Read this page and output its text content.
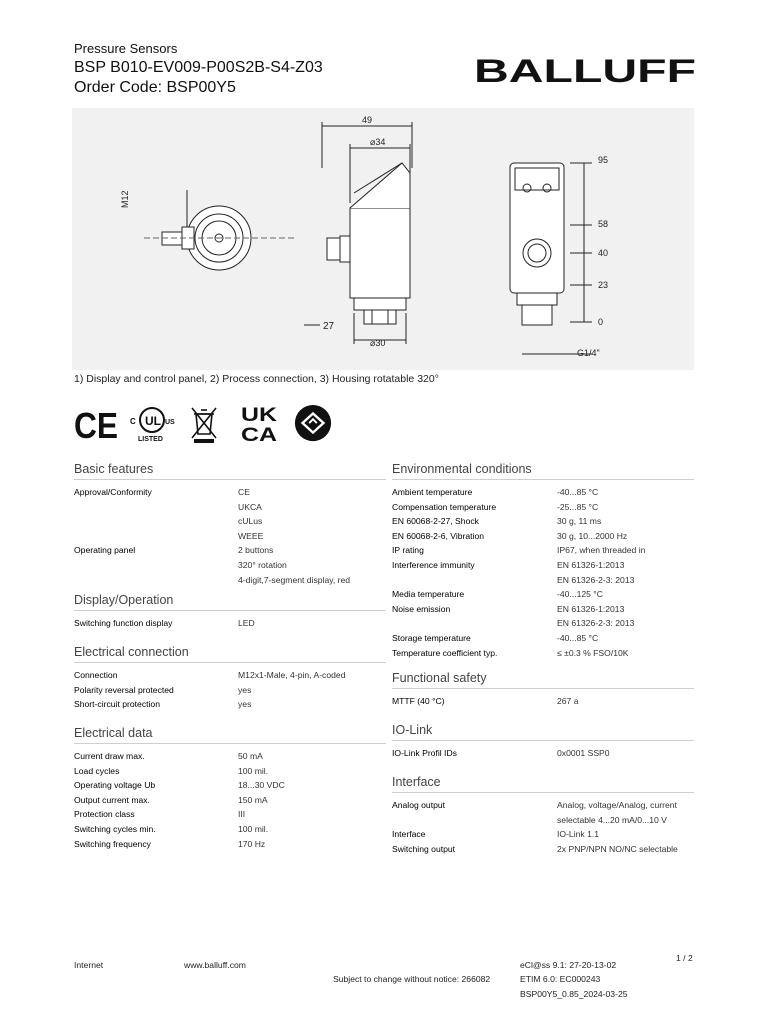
Pressure Sensors
BSP B010-EV009-P00S2B-S4-Z03
Order Code: BSP00Y5	BALLUFF
M12
49
⌀34
⌀30
27
95
58
40
23
0
G1/4"
1) Display and control panel, 2) Process connection, 3) Housing rotatable 320°
CE UL
C	US
LISTED
UK
CA
Basic features
Approval/Conformity	CE
UKCA
cULus
WEEE
Operating panel	2 buttons
320° rotation
4-digit,7-segment display, red
Display/Operation
Switching function display	LED
Electrical connection
Connection	M12x1-Male, 4-pin, A-coded
Polarity reversal protected	yes
Short-circuit protection	yes
Electrical data
Current draw max.	50 mA
Load cycles	100 mil.
Operating voltage Ub	18...30 VDC
Output current max.	150 mA
Protection class	III
Switching cycles min.	100 mil.
Switching frequency	170 Hz
Environmental conditions
Ambient temperature	-40...85 °C
Compensation temperature	-25...85 °C
EN 60068-2-27, Shock	30 g, 11 ms
EN 60068-2-6, Vibration	30 g, 10...2000 Hz
IP rating	IP67, when threaded in
Interference immunity	EN 61326-1:2013
EN 61326-2-3: 2013
Media temperature	-40...125 °C
Noise emission	EN 61326-1:2013
EN 61326-2-3: 2013
Storage temperature	-40...85 °C
Temperature coefficient typ.	≤ ±0.3 % FSO/10K
Functional safety
MTTF (40 °C)	267 a
IO-Link
IO-Link Profil IDs	0x0001 SSP0
Interface
Analog output	Analog, voltage/Analog, current
selectable 4...20 mA/0...10 V
Interface	IO-Link 1.1
Switching output	2x PNP/NPN NO/NC selectable
1 / 2
Internet	www.balluff.com	eCl@ss 9.1: 27-20-13-02
Subject to change without notice: 266082	ETIM 6.0: EC000243
BSP00Y5_0.85_2024-03-25
